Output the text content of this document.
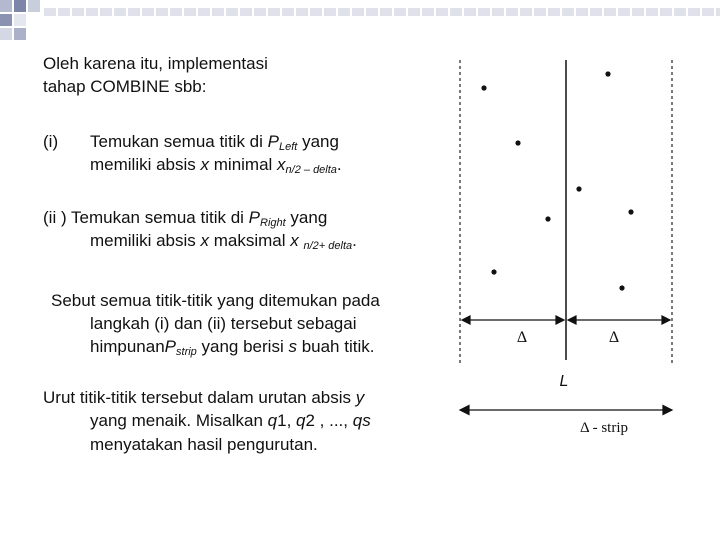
Oleh karena itu, implementasi
tahap COMBINE sbb:
(i) Temukan semua titik di $P_{Left}$ yang
memiliki absis x minimal $x_{n/2 - delta}$.
(ii ) Temukan semua titik di $P_{Right}$ yang
memiliki absis x maksimal x $_{n/2+ delta}$.
Sebut semua titik-titik yang ditemukan pada
langkah (i) dan (ii) tersebut sebagai
himpunanP$_{strip}$ yang berisi s buah titik.
Urut titik-titik tersebut dalam urutan absis y
yang menaik. Misalkan q1, q2 , ..., qs
menyatakan hasil pengurutan.
Δ	Δ
L
Δ - strip
